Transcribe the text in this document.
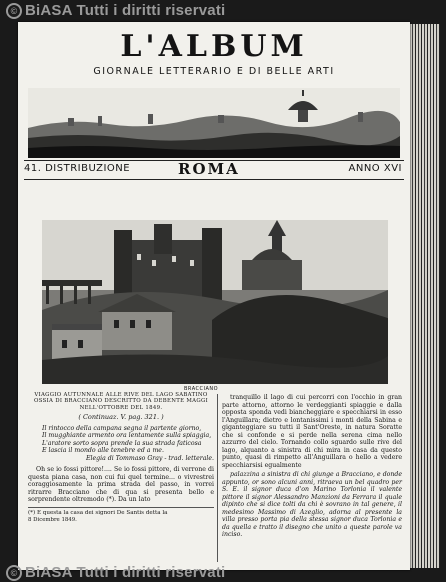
© BiASA Tutti i diritti riservati
L'ALBUM
GIORNALE LETTERARIO E DI BELLE ARTI
41. DISTRIBUZIONE	ROMA	ANNO XVI
BRACCIANO
VIAGGIO AUTUNNALE ALLE RIVE DEL LAGO SABATINO OSSIA DI BRACCIANO DESCRITTO DA DEBENTE MAGGI NELL'OTTOBRE DEL 1849.
( Continuaz. V. pag. 321. )
Il rintocco della campana segna il partente giorno,
Il mugghiante armento ora lentamente sulla spiaggia,
L'aratore sorto sopra prende la sua strada faticosa
E lascia il mondo alle tenebre ed a me.
Elegia di Tommaso Gray - trad. letterale.

Oh se io fossi pittore!.... Se io fossi pittore, di verrone di questa piana casa, non cui fui quel termine... o vivrestrei coraggiosamente la prima strada del passo, in vorrei ritrarre Bracciano che di qua si presenta bello e sorprendente oltremodo (*). Da un lato

(*) E questa la casa dei signori De Santis detta la
8 Dicembre 1849.

tranquillo il lago di cui percorri con l'occhio in gran parte attorno, attorno le verdeggianti spiaggie e dalla opposta sponda vedi biancheggiare e specchiarsi in esso l'Anguillara; dietro e lontanissimi i monti della Sabina e giganteggiare su tutti il Sant'Oreste, in natura Soratte che si confonde e si perde nella serena cima nello azzurro del cielo. Tornando collo sguardo sulle rive del lago, alquanto a sinistra di chi mira in casa da questo punto, quasi di rimpetto all'Anguillara o hello a vedere specchiarsisi egualmente

palazzina a sinistra di chi giunge a Bracciano, e donde appunto, or sono alcuni anni, ritraeva un bel quadro per S. E. il signor duca d'on Marino Torlonia il valente pittore il signor Alessandro Manzioni da Ferrara il quale dipinto che si dice tolti da chi è sovrano in tal genere, il medesimo Massimo di Azeglio, adorna al presente la villa presso porta pia della stessa signor duca Torlonia e da quella e tratto il disegno che unito a queste parole va inciso.

© BiASA Tutti i diritti riservati
